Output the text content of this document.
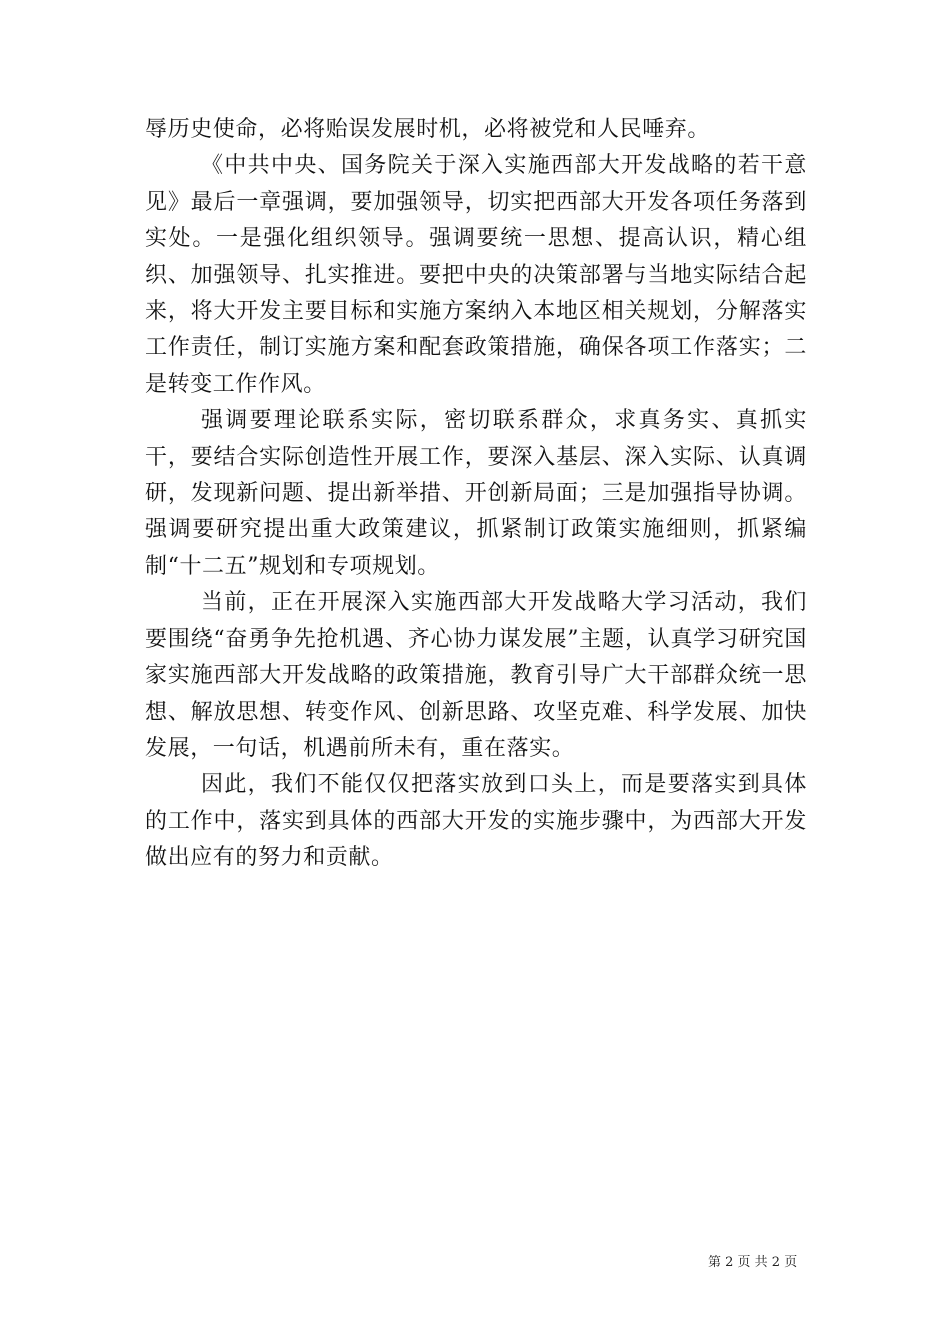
辱历史使命，必将贻误发展时机，必将被党和人民唾弃。

《中共中央、国务院关于深入实施西部大开发战略的若干意见》最后一章强调，要加强领导，切实把西部大开发各项任务落到实处。一是强化组织领导。强调要统一思想、提高认识，精心组织、加强领导、扎实推进。要把中央的决策部署与当地实际结合起来，将大开发主要目标和实施方案纳入本地区相关规划，分解落实工作责任，制订实施方案和配套政策措施，确保各项工作落实；二是转变工作作风。

强调要理论联系实际，密切联系群众，求真务实、真抓实干，要结合实际创造性开展工作，要深入基层、深入实际、认真调研，发现新问题、提出新举措、开创新局面；三是加强指导协调。强调要研究提出重大政策建议，抓紧制订政策实施细则，抓紧编制“十二五”规划和专项规划。

当前，正在开展深入实施西部大开发战略大学习活动，我们要围绕“奋勇争先抢机遇、齐心协力谋发展”主题，认真学习研究国家实施西部大开发战略的政策措施，教育引导广大干部群众统一思想、解放思想、转变作风、创新思路、攻坚克难、科学发展、加快发展，一句话，机遇前所未有，重在落实。

因此，我们不能仅仅把落实放到口头上，而是要落实到具体的工作中，落实到具体的西部大开发的实施步骤中，为西部大开发做出应有的努力和贡献。

第 2 页 共 2 页
